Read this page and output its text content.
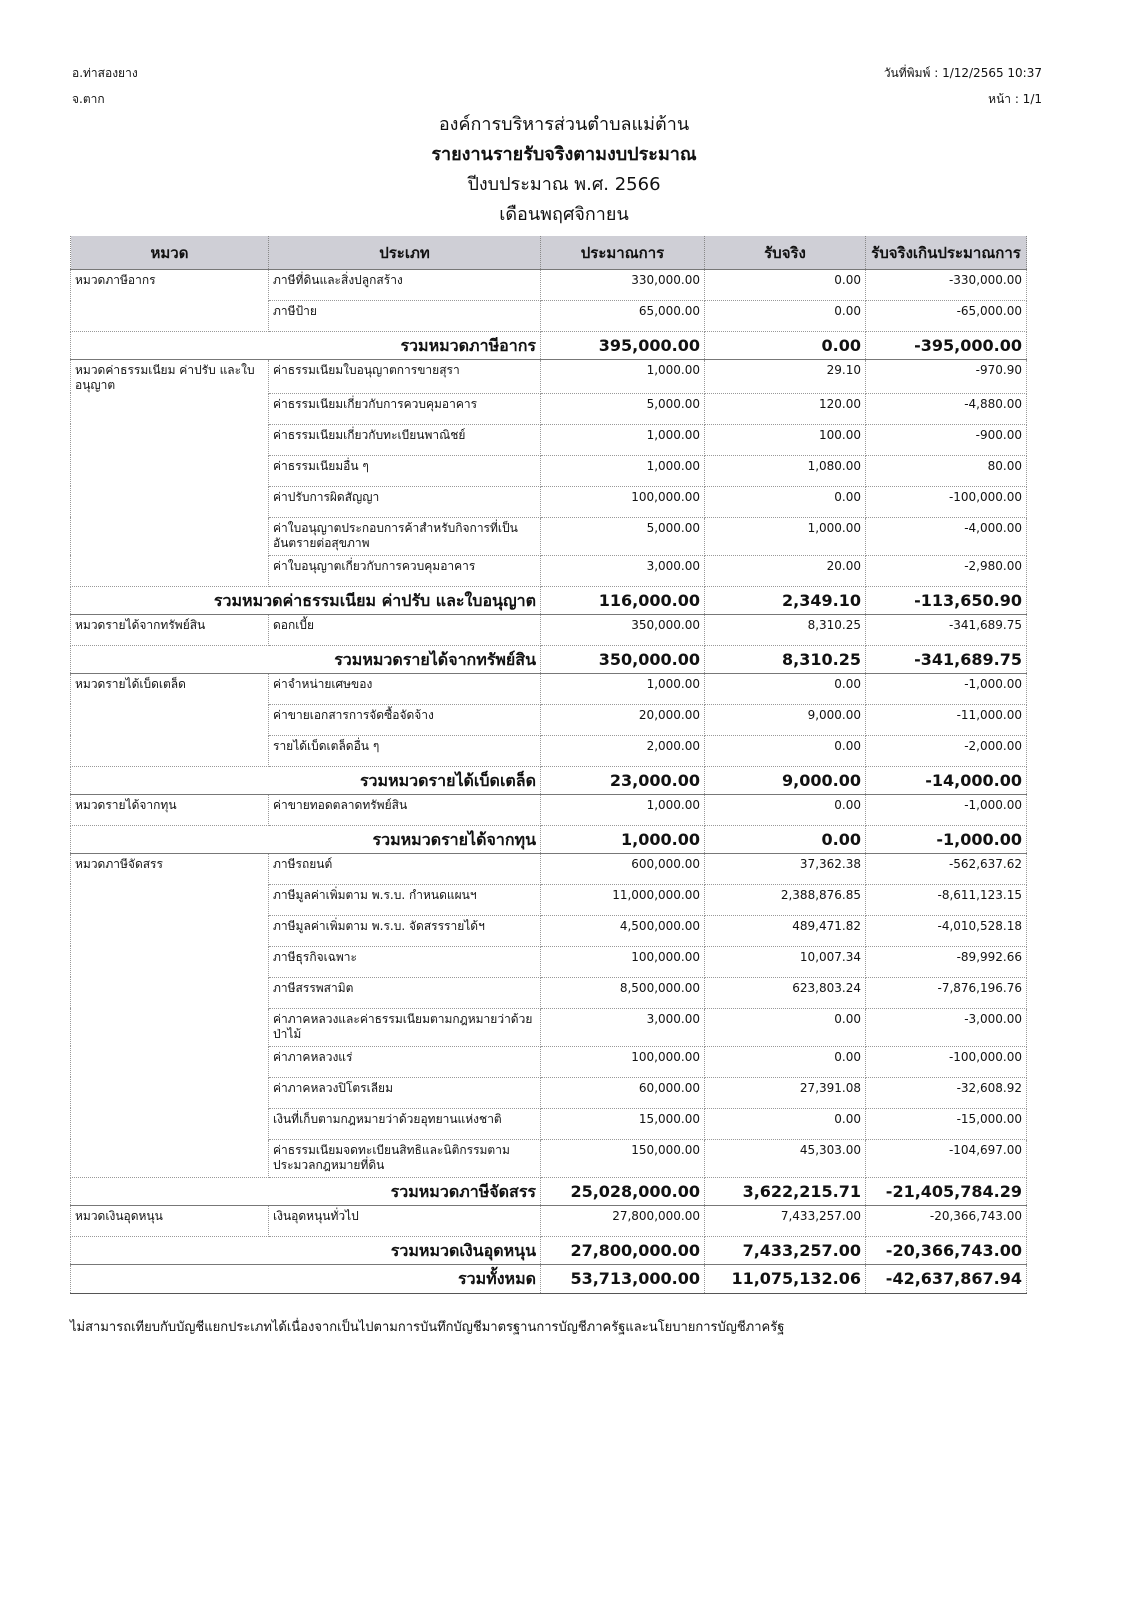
อ.ท่าสองยาง
จ.ตาก
วันที่พิมพ์ : 1/12/2565 10:37
หน้า : 1/1
องค์การบริหารส่วนตำบลแม่ต้าน
รายงานรายรับจริงตามงบประมาณ
ปีงบประมาณ พ.ศ. 2566
เดือนพฤศจิกายน
หมวด	ประเภท	ประมาณการ	รับจริง	รับจริงเกินประมาณการ
หมวดภาษีอากร	ภาษีที่ดินและสิ่งปลูกสร้าง	330,000.00	0.00	-330,000.00
	ภาษีป้าย	65,000.00	0.00	-65,000.00
รวมหมวดภาษีอากร		395,000.00	0.00	-395,000.00
หมวดค่าธรรมเนียม ค่าปรับ และใบอนุญาต	ค่าธรรมเนียมใบอนุญาตการขายสุรา	1,000.00	29.10	-970.90
	ค่าธรรมเนียมเกี่ยวกับการควบคุมอาคาร	5,000.00	120.00	-4,880.00
	ค่าธรรมเนียมเกี่ยวกับทะเบียนพาณิชย์	1,000.00	100.00	-900.00
	ค่าธรรมเนียมอื่น ๆ	1,000.00	1,080.00	80.00
	ค่าปรับการผิดสัญญา	100,000.00	0.00	-100,000.00
	ค่าใบอนุญาตประกอบการค้าสำหรับกิจการที่เป็นอันตรายต่อสุขภาพ	5,000.00	1,000.00	-4,000.00
	ค่าใบอนุญาตเกี่ยวกับการควบคุมอาคาร	3,000.00	20.00	-2,980.00
รวมหมวดค่าธรรมเนียม ค่าปรับ และใบอนุญาต		116,000.00	2,349.10	-113,650.90
หมวดรายได้จากทรัพย์สิน	ดอกเบี้ย	350,000.00	8,310.25	-341,689.75
รวมหมวดรายได้จากทรัพย์สิน		350,000.00	8,310.25	-341,689.75
หมวดรายได้เบ็ดเตล็ด	ค่าจำหน่ายเศษของ	1,000.00	0.00	-1,000.00
	ค่าขายเอกสารการจัดซื้อจัดจ้าง	20,000.00	9,000.00	-11,000.00
	รายได้เบ็ดเตล็ดอื่น ๆ	2,000.00	0.00	-2,000.00
รวมหมวดรายได้เบ็ดเตล็ด		23,000.00	9,000.00	-14,000.00
หมวดรายได้จากทุน	ค่าขายทอดตลาดทรัพย์สิน	1,000.00	0.00	-1,000.00
รวมหมวดรายได้จากทุน		1,000.00	0.00	-1,000.00
หมวดภาษีจัดสรร	ภาษีรถยนต์	600,000.00	37,362.38	-562,637.62
	ภาษีมูลค่าเพิ่มตาม พ.ร.บ. กำหนดแผนฯ	11,000,000.00	2,388,876.85	-8,611,123.15
	ภาษีมูลค่าเพิ่มตาม พ.ร.บ. จัดสรรรายได้ฯ	4,500,000.00	489,471.82	-4,010,528.18
	ภาษีธุรกิจเฉพาะ	100,000.00	10,007.34	-89,992.66
	ภาษีสรรพสามิต	8,500,000.00	623,803.24	-7,876,196.76
	ค่าภาคหลวงและค่าธรรมเนียมตามกฎหมายว่าด้วยป่าไม้	3,000.00	0.00	-3,000.00
	ค่าภาคหลวงแร่	100,000.00	0.00	-100,000.00
	ค่าภาคหลวงปิโตรเลียม	60,000.00	27,391.08	-32,608.92
	เงินที่เก็บตามกฎหมายว่าด้วยอุทยานแห่งชาติ	15,000.00	0.00	-15,000.00
	ค่าธรรมเนียมจดทะเบียนสิทธิและนิติกรรมตามประมวลกฎหมายที่ดิน	150,000.00	45,303.00	-104,697.00
รวมหมวดภาษีจัดสรร		25,028,000.00	3,622,215.71	-21,405,784.29
หมวดเงินอุดหนุน	เงินอุดหนุนทั่วไป	27,800,000.00	7,433,257.00	-20,366,743.00
รวมหมวดเงินอุดหนุน		27,800,000.00	7,433,257.00	-20,366,743.00
รวมทั้งหมด		53,713,000.00	11,075,132.06	-42,637,867.94
ไม่สามารถเทียบกับบัญชีแยกประเภทได้เนื่องจากเป็นไปตามการบันทึกบัญชีมาตรฐานการบัญชีภาครัฐและนโยบายการบัญชีภาครัฐ
